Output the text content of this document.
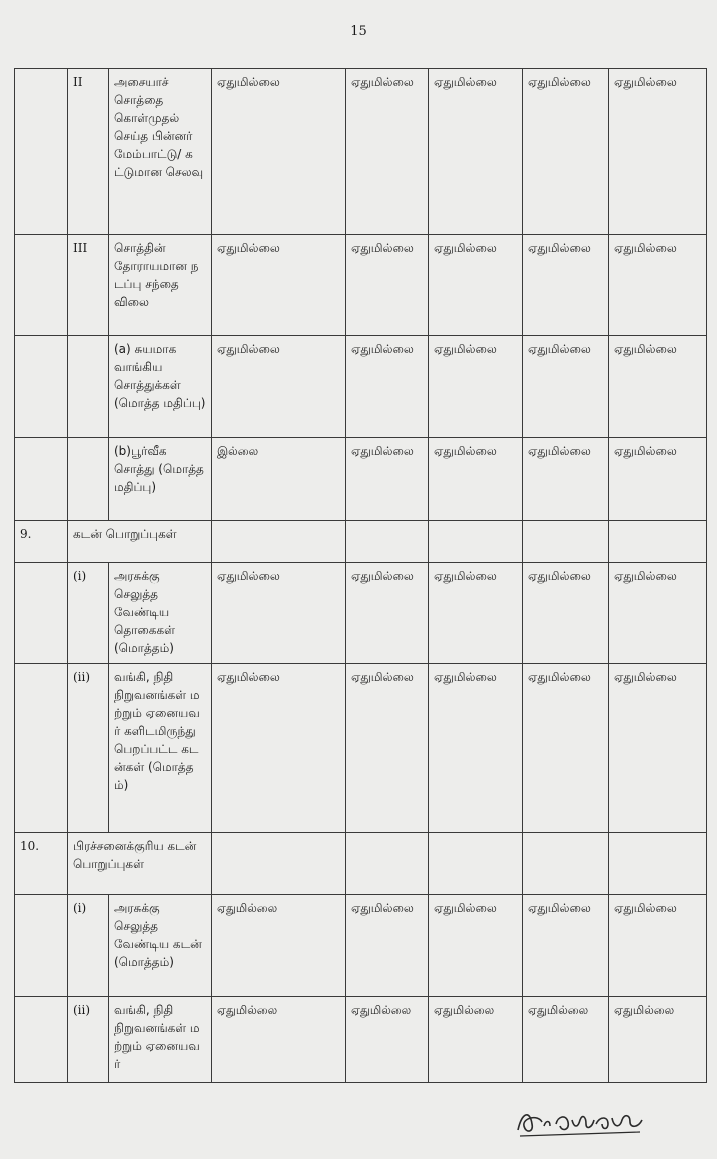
15
	II	அசையாச் சொத்தை கொள்முதல் செய்த பின்னர் மேம்பாட்டு/ கட்டுமான செலவு	ஏதுமில்லை	ஏதுமில்லை	ஏதுமில்லை	ஏதுமில்லை	ஏதுமில்லை
	III	சொத்தின் தோராயமான நடப்பு சந்தை விலை	ஏதுமில்லை	ஏதுமில்லை	ஏதுமில்லை	ஏதுமில்லை	ஏதுமில்லை
		(a) சுயமாக வாங்கிய சொத்துக்கள் (மொத்த மதிப்பு)	ஏதுமில்லை	ஏதுமில்லை	ஏதுமில்லை	ஏதுமில்லை	ஏதுமில்லை
		(b)பூர்வீக சொத்து (மொத்த மதிப்பு)	இல்லை	ஏதுமில்லை	ஏதுமில்லை	ஏதுமில்லை	ஏதுமில்லை
9.	கடன் பொறுப்புகள்						
	(i)	அரசுக்கு செலுத்த வேண்டிய தொகைகள் (மொத்தம்)	ஏதுமில்லை	ஏதுமில்லை	ஏதுமில்லை	ஏதுமில்லை	ஏதுமில்லை
	(ii)	வங்கி, நிதி நிறுவனங்கள் மற்றும் ஏனையவர் களிடமிருந்து பெறப்பட்ட கடன்கள் (மொத்தம்)	ஏதுமில்லை	ஏதுமில்லை	ஏதுமில்லை	ஏதுமில்லை	ஏதுமில்லை
10.	பிரச்சனைக்குரிய கடன் பொறுப்புகள்						
	(i)	அரசுக்கு செலுத்த வேண்டிய கடன் (மொத்தம்)	ஏதுமில்லை	ஏதுமில்லை	ஏதுமில்லை	ஏதுமில்லை	ஏதுமில்லை
	(ii)	வங்கி, நிதி நிறுவனங்கள் மற்றும் ஏனையவர்	ஏதுமில்லை	ஏதுமில்லை	ஏதுமில்லை	ஏதுமில்லை	ஏதுமில்லை
